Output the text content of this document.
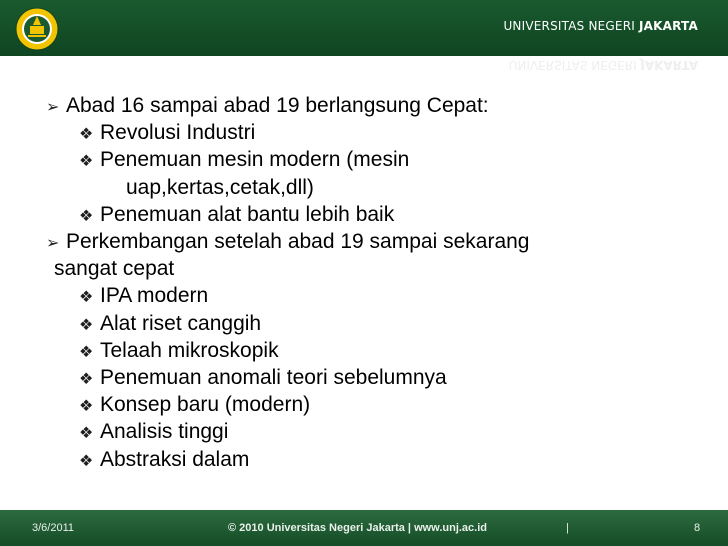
UNIVERSITAS NEGERI JAKARTA
UNIVERSITAS NEGERI JAKARTA
➢ Abad 16 sampai abad 19 berlangsung Cepat:
❖ Revolusi Industri
❖ Penemuan mesin modern (mesin
uap,kertas,cetak,dll)
❖ Penemuan alat bantu lebih baik
➢ Perkembangan setelah abad 19 sampai sekarang
sangat cepat
❖ IPA modern
❖ Alat riset canggih
❖ Telaah mikroskopik
❖ Penemuan anomali teori sebelumnya
❖ Konsep baru (modern)
❖ Analisis tinggi
❖ Abstraksi dalam
3/6/2011	© 2010 Universitas Negeri Jakarta | www.unj.ac.id	|	8
